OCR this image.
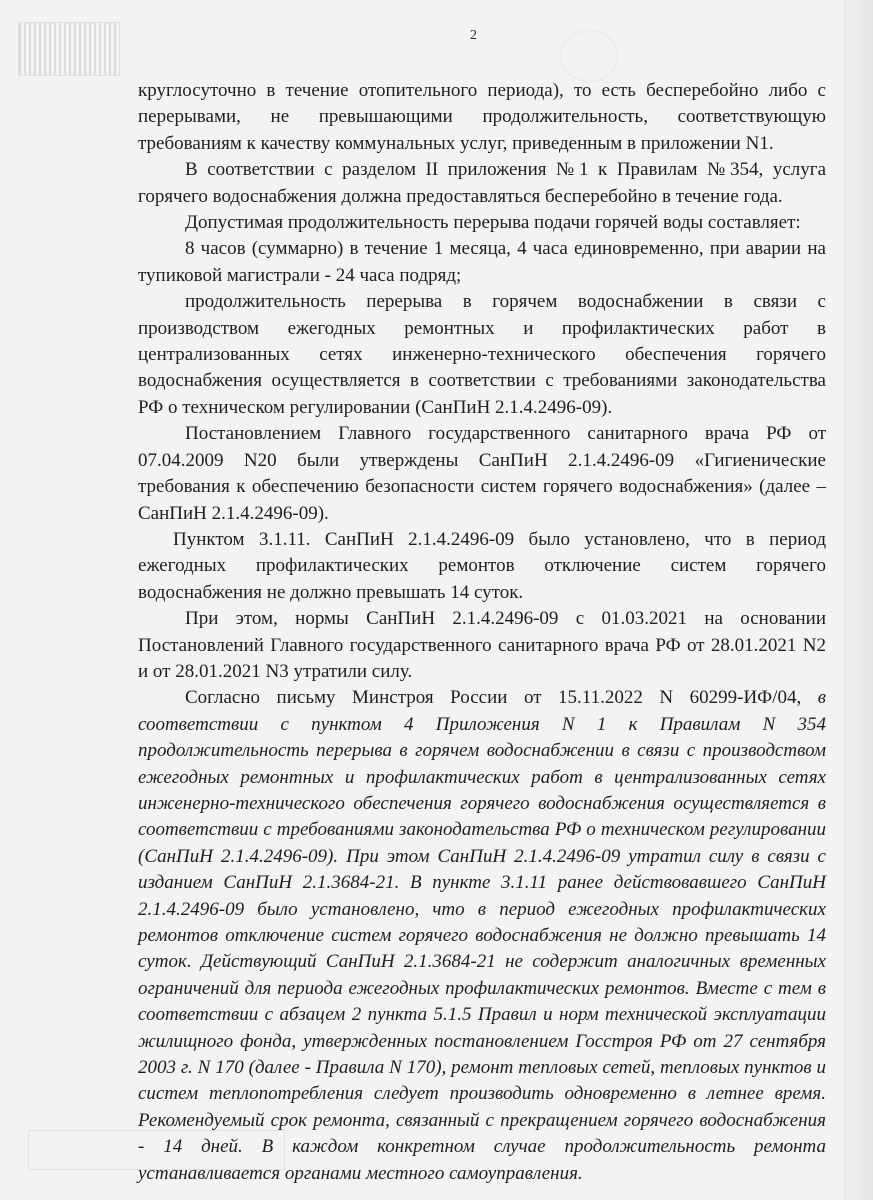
2

круглосуточно в течение отопительного периода), то есть бесперебойно либо с перерывами, не превышающими продолжительность, соответствующую требованиям к качеству коммунальных услуг, приведенным в приложении N1.

В соответствии с разделом II приложения №1 к Правилам №354, услуга горячего водоснабжения должна предоставляться бесперебойно в течение года.

Допустимая продолжительность перерыва подачи горячей воды составляет:

8 часов (суммарно) в течение 1 месяца, 4 часа единовременно, при аварии на тупиковой магистрали - 24 часа подряд;

продолжительность перерыва в горячем водоснабжении в связи с производством ежегодных ремонтных и профилактических работ в централизованных сетях инженерно-технического обеспечения горячего водоснабжения осуществляется в соответствии с требованиями законодательства РФ о техническом регулировании (СанПиН 2.1.4.2496-09).

Постановлением Главного государственного санитарного врача РФ от 07.04.2009 N20 были утверждены СанПиН 2.1.4.2496-09 «Гигиенические требования к обеспечению безопасности систем горячего водоснабжения» (далее – СанПиН 2.1.4.2496-09).

Пунктом 3.1.11. СанПиН 2.1.4.2496-09 было установлено, что в период ежегодных профилактических ремонтов отключение систем горячего водоснабжения не должно превышать 14 суток.

При этом, нормы СанПиН 2.1.4.2496-09 с 01.03.2021 на основании Постановлений Главного государственного санитарного врача РФ от 28.01.2021 N2 и от 28.01.2021 N3 утратили силу.

Согласно письму Минстроя России от 15.11.2022 N 60299-ИФ/04, в соответствии с пунктом 4 Приложения N 1 к Правилам N 354 продолжительность перерыва в горячем водоснабжении в связи с производством ежегодных ремонтных и профилактических работ в централизованных сетях инженерно-технического обеспечения горячего водоснабжения осуществляется в соответствии с требованиями законодательства РФ о техническом регулировании (СанПиН 2.1.4.2496-09). При этом СанПиН 2.1.4.2496-09 утратил силу в связи с изданием СанПиН 2.1.3684-21. В пункте 3.1.11 ранее действовавшего СанПиН 2.1.4.2496-09 было установлено, что в период ежегодных профилактических ремонтов отключение систем горячего водоснабжения не должно превышать 14 суток. Действующий СанПиН 2.1.3684-21 не содержит аналогичных временных ограничений для периода ежегодных профилактических ремонтов. Вместе с тем в соответствии с абзацем 2 пункта 5.1.5 Правил и норм технической эксплуатации жилищного фонда, утвержденных постановлением Госстроя РФ от 27 сентября 2003 г. N 170 (далее - Правила N 170), ремонт тепловых сетей, тепловых пунктов и систем теплопотребления следует производить одновременно в летнее время. Рекомендуемый срок ремонта, связанный с прекращением горячего водоснабжения - 14 дней. В каждом конкретном случае продолжительность ремонта устанавливается органами местного самоуправления.
